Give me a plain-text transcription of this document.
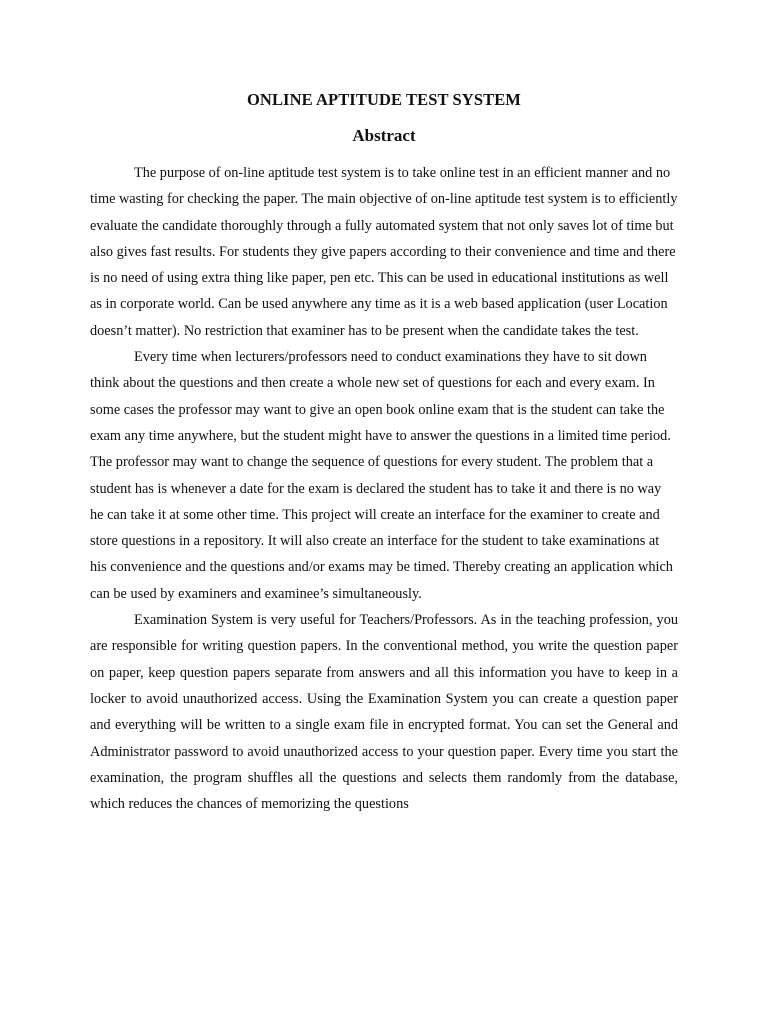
ONLINE APTITUDE TEST SYSTEM
Abstract

The purpose of on-line aptitude test system is to take online test in an efficient manner and no time wasting for checking the paper. The main objective of on-line aptitude test system is to efficiently evaluate the candidate thoroughly through a fully automated system that not only saves lot of time but also gives fast results. For students they give papers according to their convenience and time and there is no need of using extra thing like paper, pen etc. This can be used in educational institutions as well as in corporate world. Can be used anywhere any time as it is a web based application (user Location doesn’t matter). No restriction that examiner has to be present when the candidate takes the test.

Every time when lecturers/professors need to conduct examinations they have to sit down think about the questions and then create a whole new set of questions for each and every exam. In some cases the professor may want to give an open book online exam that is the student can take the exam any time anywhere, but the student might have to answer the questions in a limited time period. The professor may want to change the sequence of questions for every student. The problem that a student has is whenever a date for the exam is declared the student has to take it and there is no way he can take it at some other time. This project will create an interface for the examiner to create and store questions in a repository. It will also create an interface for the student to take examinations at his convenience and the questions and/or exams may be timed. Thereby creating an application which can be used by examiners and examinee’s simultaneously.

Examination System is very useful for Teachers/Professors. As in the teaching profession, you are responsible for writing question papers. In the conventional method, you write the question paper on paper, keep question papers separate from answers and all this information you have to keep in a locker to avoid unauthorized access. Using the Examination System you can create a question paper and everything will be written to a single exam file in encrypted format. You can set the General and Administrator password to avoid unauthorized access to your question paper. Every time you start the examination, the program shuffles all the questions and selects them randomly from the database, which reduces the chances of memorizing the questions
